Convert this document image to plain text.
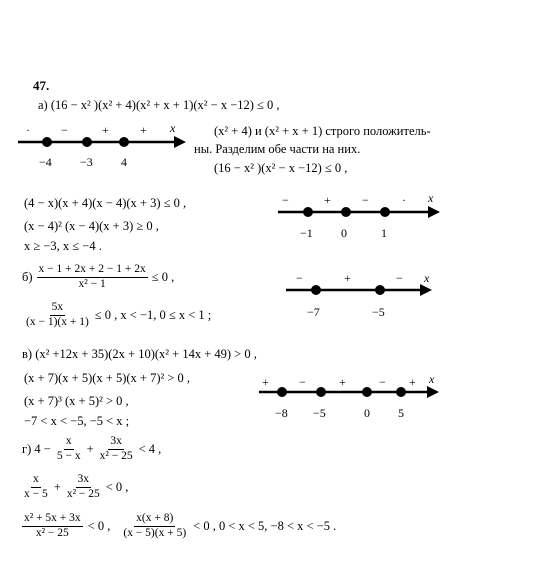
47.
а) (16 − x² )(x² + 4)(x² + x + 1)(x² − x −12) ≤ 0 ,
·	−	+	+ x
−4 −3 4
(x² + 4) и (x² + x + 1) строго положитель-
ны. Разделим обе части на них.
(16 − x² )(x² − x −12) ≤ 0 ,
(4 − x)(x + 4)(x − 4)(x + 3) ≤ 0 ,
(x − 4)² (x − 4)(x + 3) ≥ 0 ,
x ≥ −3, x ≤ −4 .
−	+	−	· x
−1 0	1
$б) \frac{x - 1 + 2x + 2 - 1 + 2x}{\text{x² − 1}} \le 0$ ,
$\frac{5x}{(x - 1)(x + 1)} \le 0$ , x < −1, 0 ≤ x < 1 ;
−	+	− x
−7	−5
в) (x² +12x + 35)(2x + 10)(x² + 14x + 49) > 0 ,
(x + 7)(x + 5)(x + 5)(x + 7)² > 0 ,
(x + 7)³ (x + 5)² > 0 ,
−7 < x < −5, −5 < x ;
+	−	+	− + x
−8 −5	0 5
г) $4 - \frac{x}{5 - x} + \frac{3x}{\text{x² − 25}} < 4$ ,
$\frac{x}{x - 5} + \frac{3x}{\text{x² − 25}} < 0$ ,
$\frac{\text{x² + 5x + 3x}}{\text{x² − 25}} < 0$ , $\frac{x(x + 8)}{(x - 5)(x + 5)} < 0$ , 0 < x < 5, −8 < x < −5 .
